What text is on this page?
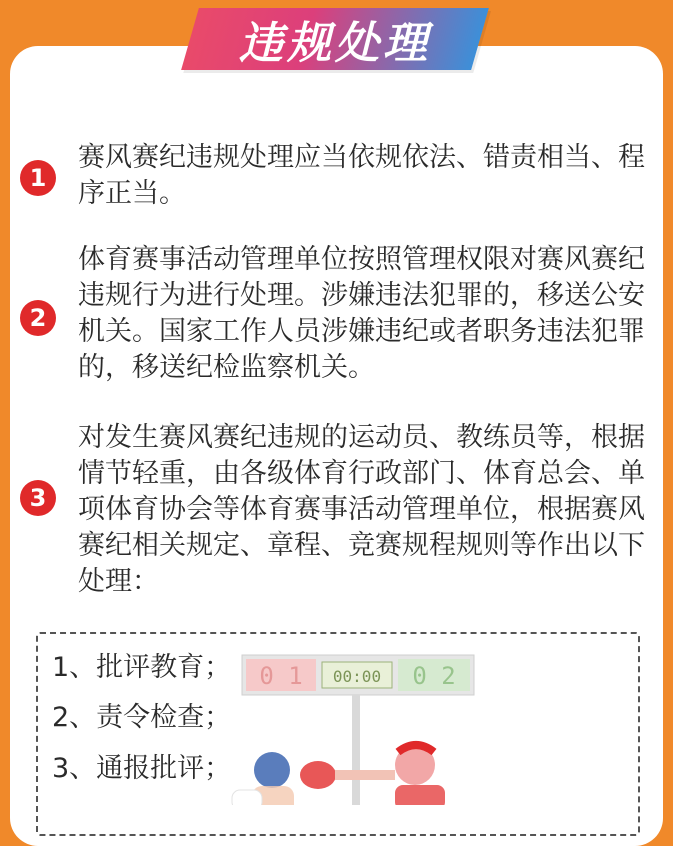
违规处理
1
赛风赛纪违规处理应当依规依法、错责相当、程序正当。
2
体育赛事活动管理单位按照管理权限对赛风赛纪违规行为进行处理。涉嫌违法犯罪的，移送公安机关。国家工作人员涉嫌违纪或者职务违法犯罪的，移送纪检监察机关。
3
对发生赛风赛纪违规的运动员、教练员等，根据情节轻重，由各级体育行政部门、体育总会、单项体育协会等体育赛事活动管理单位，根据赛风赛纪相关规定、章程、竞赛规程规则等作出以下处理：
1、批评教育；
2、责令检查；
3、通报批评；
0 1 00:00 0 2
